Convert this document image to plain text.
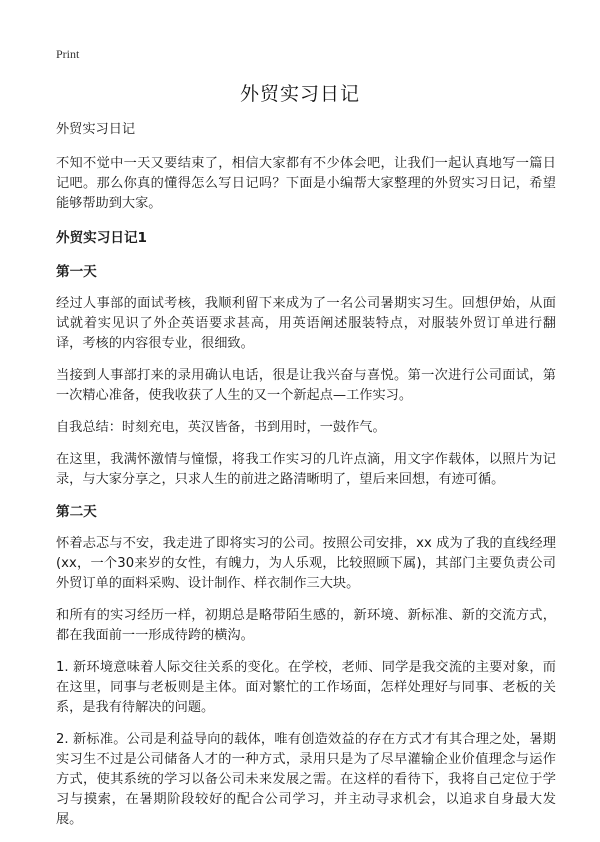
Print
外贸实习日记

外贸实习日记

不知不觉中一天又要结束了，相信大家都有不少体会吧，让我们一起认真地写一篇日记吧。那么你真的懂得怎么写日记吗？下面是小编帮大家整理的外贸实习日记，希望能够帮助到大家。

外贸实习日记1
第一天

经过人事部的面试考核，我顺利留下来成为了一名公司暑期实习生。回想伊始，从面试就着实见识了外企英语要求甚高，用英语阐述服装特点，对服装外贸订单进行翻译，考核的内容很专业，很细致。

当接到人事部打来的录用确认电话，很是让我兴奋与喜悦。第一次进行公司面试，第一次精心准备，使我收获了人生的又一个新起点—工作实习。

自我总结：时刻充电，英汉皆备，书到用时，一鼓作气。

在这里，我满怀激情与憧憬，将我工作实习的几许点滴，用文字作载体，以照片为记录，与大家分享之，只求人生的前进之路清晰明了，望后来回想，有迹可循。

第二天

怀着忐忑与不安，我走进了即将实习的公司。按照公司安排，xx 成为了我的直线经理(xx，一个30来岁的女性，有魄力，为人乐观，比较照顾下属)，其部门主要负责公司外贸订单的面料采购、设计制作、样衣制作三大块。

和所有的实习经历一样，初期总是略带陌生感的，新环境、新标准、新的交流方式，都在我面前一一形成待跨的横沟。

1. 新环境意味着人际交往关系的变化。在学校，老师、同学是我交流的主要对象，而在这里，同事与老板则是主体。面对繁忙的工作场面，怎样处理好与同事、老板的关系，是我有待解决的问题。

2. 新标准。公司是利益导向的载体，唯有创造效益的存在方式才有其合理之处，暑期实习生不过是公司储备人才的一种方式，录用只是为了尽早灌输企业价值理念与运作方式，使其系统的学习以备公司未来发展之需。在这样的看待下，我将自己定位于学习与摸索，在暑期阶段较好的配合公司学习，并主动寻求机会，以追求自身最大发展。
